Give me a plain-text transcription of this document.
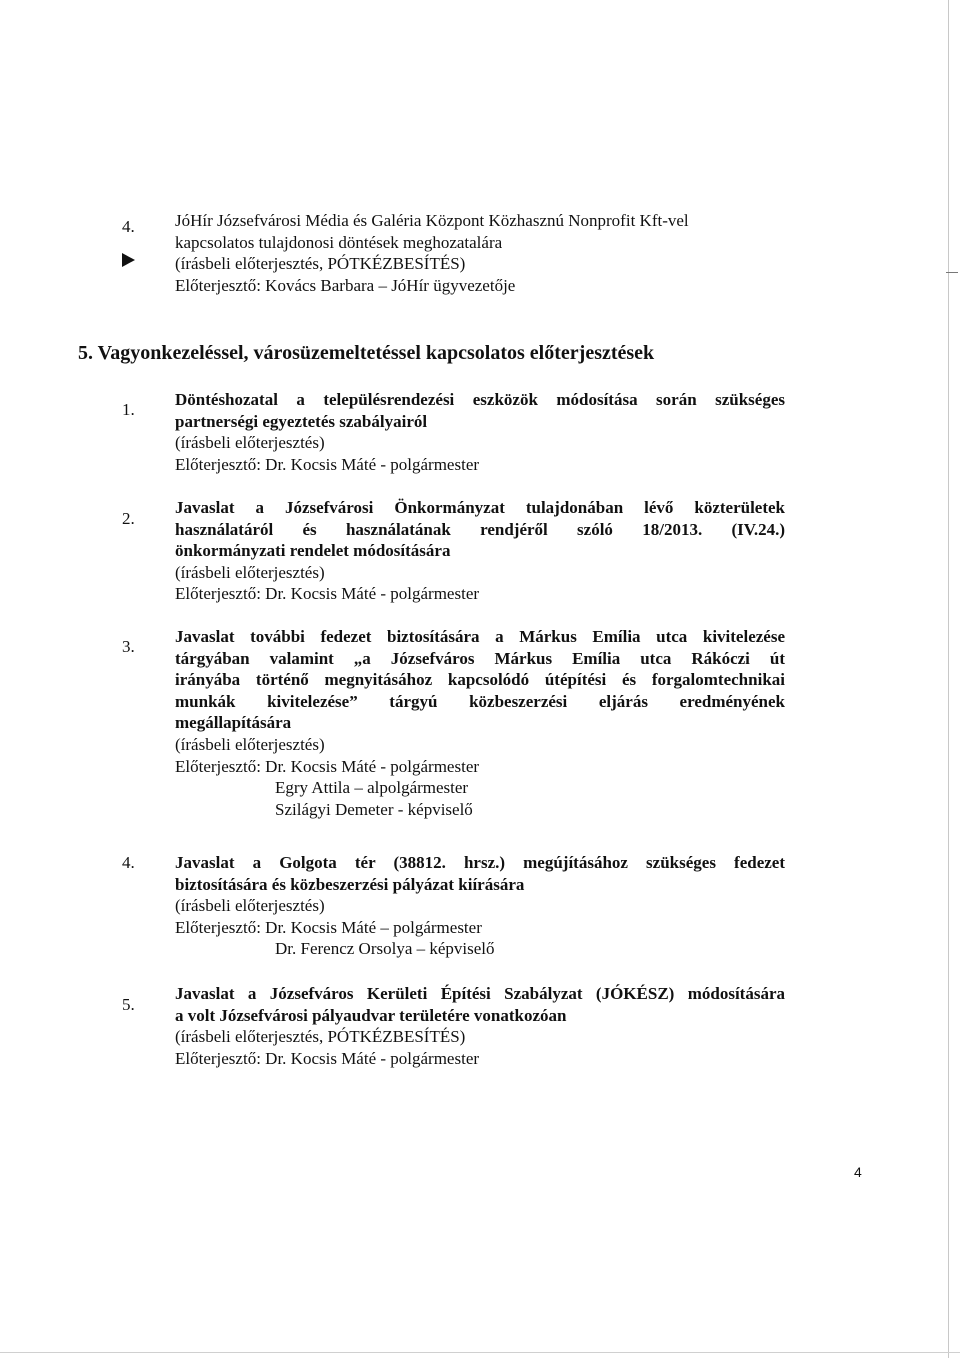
4. JóHír Józsefvárosi Média és Galéria Központ Közhasznú Nonprofit Kft-vel
kapcsolatos tulajdonosi döntések meghozatalára
(írásbeli előterjesztés, PÓTKÉZBESÍTÉS)
Előterjesztő: Kovács Barbara – JóHír ügyvezetője
5. Vagyonkezeléssel, városüzemeltetéssel kapcsolatos előterjesztések
1.
Döntéshozatal a településrendezési eszközök módosítása során szükséges
partnerségi egyeztetés szabályairól
(írásbeli előterjesztés)
Előterjesztő: Dr. Kocsis Máté - polgármester
2.
Javaslat a Józsefvárosi Önkormányzat tulajdonában lévő közterületek
használatáról és használatának rendjéről szóló 18/2013. (IV.24.)
önkormányzati rendelet módosítására
(írásbeli előterjesztés)
Előterjesztő: Dr. Kocsis Máté - polgármester
3.
Javaslat további fedezet biztosítására a Márkus Emília utca kivitelezése
tárgyában valamint „a Józsefváros Márkus Emília utca Rákóczi út
irányába történő megnyitásához kapcsolódó útépítési és forgalomtechnikai
munkák kivitelezése” tárgyú közbeszerzési eljárás eredményének
megállapítására
(írásbeli előterjesztés)
Előterjesztő: Dr. Kocsis Máté - polgármester
Egry Attila – alpolgármester
Szilágyi Demeter - képviselő
4. Javaslat a Golgota tér (38812. hrsz.) megújításához szükséges fedezet
biztosítására és közbeszerzési pályázat kiírására
(írásbeli előterjesztés)
Előterjesztő: Dr. Kocsis Máté – polgármester
Dr. Ferencz Orsolya – képviselő
5.
Javaslat a Józsefváros Kerületi Építési Szabályzat (JÓKÉSZ) módosítására
a volt Józsefvárosi pályaudvar területére vonatkozóan
(írásbeli előterjesztés, PÓTKÉZBESÍTÉS)
Előterjesztő: Dr. Kocsis Máté - polgármester
4
